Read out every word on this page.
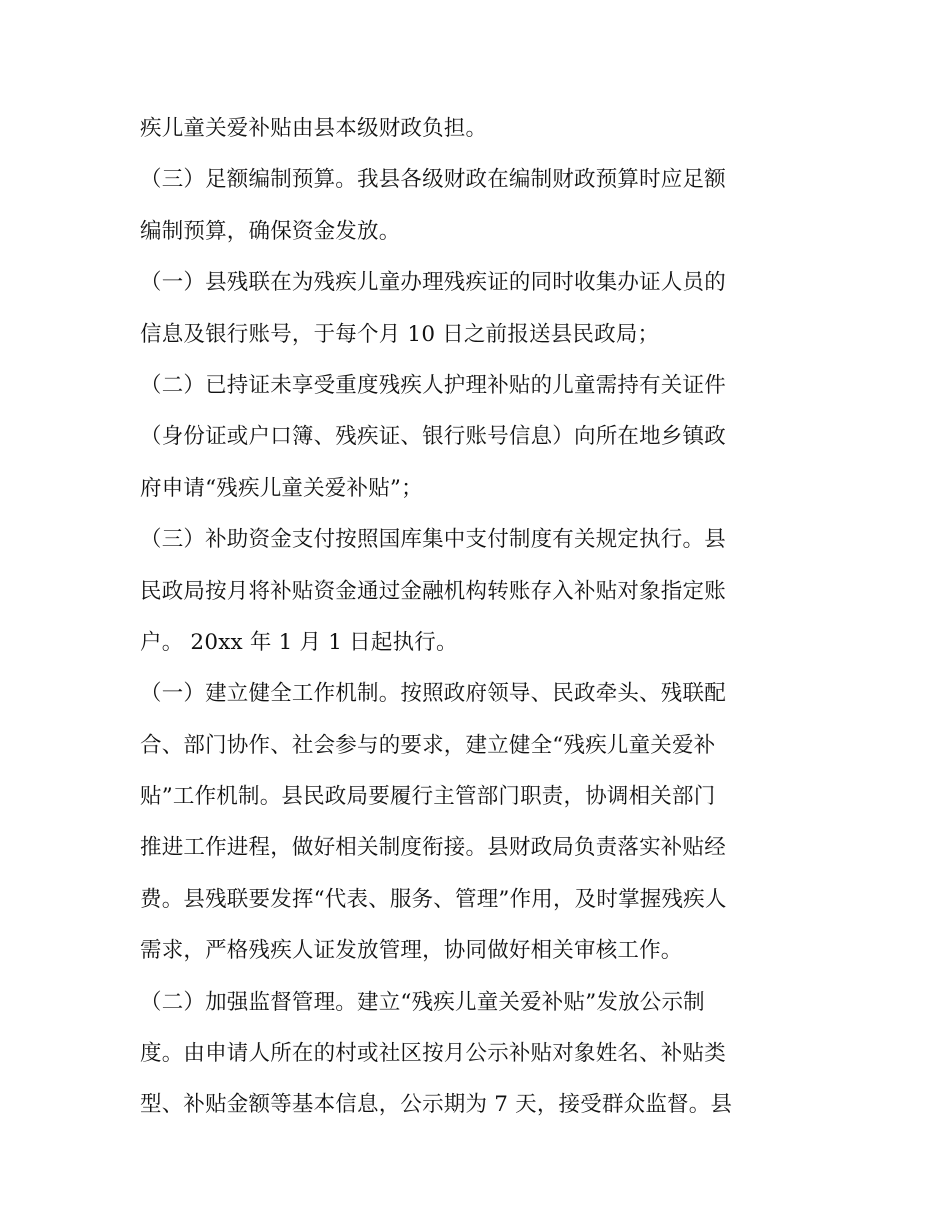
疾儿童关爱补贴由县本级财政负担。
（三）足额编制预算。我县各级财政在编制财政预算时应足额
编制预算，确保资金发放。
（一）县残联在为残疾儿童办理残疾证的同时收集办证人员的
信息及银行账号，于每个月 10 日之前报送县民政局；
（二）已持证未享受重度残疾人护理补贴的儿童需持有关证件
（身份证或户口簿、残疾证、银行账号信息）向所在地乡镇政
府申请“残疾儿童关爱补贴”；
（三）补助资金支付按照国库集中支付制度有关规定执行。县
民政局按月将补贴资金通过金融机构转账存入补贴对象指定账
户。 20xx 年 1 月 1 日起执行。
（一）建立健全工作机制。按照政府领导、民政牵头、残联配
合、部门协作、社会参与的要求，建立健全“残疾儿童关爱补
贴”工作机制。县民政局要履行主管部门职责，协调相关部门
推进工作进程，做好相关制度衔接。县财政局负责落实补贴经
费。县残联要发挥“代表、服务、管理”作用，及时掌握残疾人
需求，严格残疾人证发放管理，协同做好相关审核工作。
（二）加强监督管理。建立“残疾儿童关爱补贴”发放公示制
度。由申请人所在的村或社区按月公示补贴对象姓名、补贴类
型、补贴金额等基本信息，公示期为 7 天，接受群众监督。县
